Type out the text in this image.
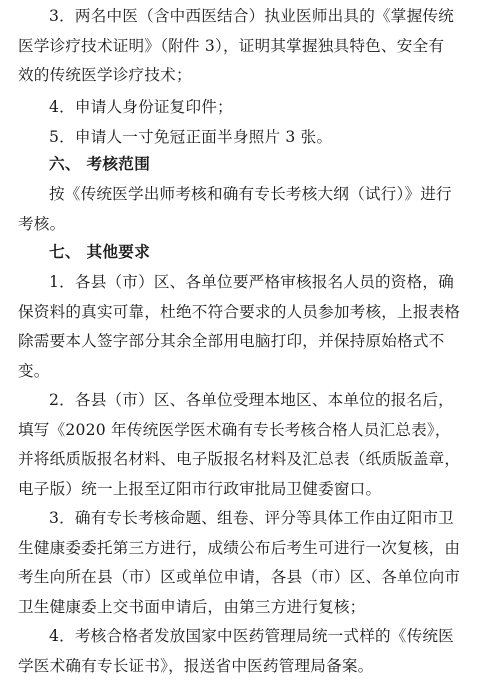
3．两名中医（含中西医结合）执业医师出具的《掌握传统
医学诊疗技术证明》（附件 3），证明其掌握独具特色、安全有
效的传统医学诊疗技术；
4．申请人身份证复印件；
5．申请人一寸免冠正面半身照片 3 张。
六、 考核范围
按《传统医学出师考核和确有专长考核大纲（试行）》进行
考核。
七、 其他要求
1．各县（市）区、各单位要严格审核报名人员的资格，确
保资料的真实可靠，杜绝不符合要求的人员参加考核，上报表格
除需要本人签字部分其余全部用电脑打印，并保持原始格式不
变。
2．各县（市）区、各单位受理本地区、本单位的报名后，
填写《2020 年传统医学医术确有专长考核合格人员汇总表》，
并将纸质版报名材料、电子版报名材料及汇总表（纸质版盖章，
电子版）统一上报至辽阳市行政审批局卫健委窗口。
3．确有专长考核命题、组卷、评分等具体工作由辽阳市卫
生健康委委托第三方进行，成绩公布后考生可进行一次复核，由
考生向所在县（市）区或单位申请，各县（市）区、各单位向市
卫生健康委上交书面申请后，由第三方进行复核；
4．考核合格者发放国家中医药管理局统一式样的《传统医
学医术确有专长证书》，报送省中医药管理局备案。
